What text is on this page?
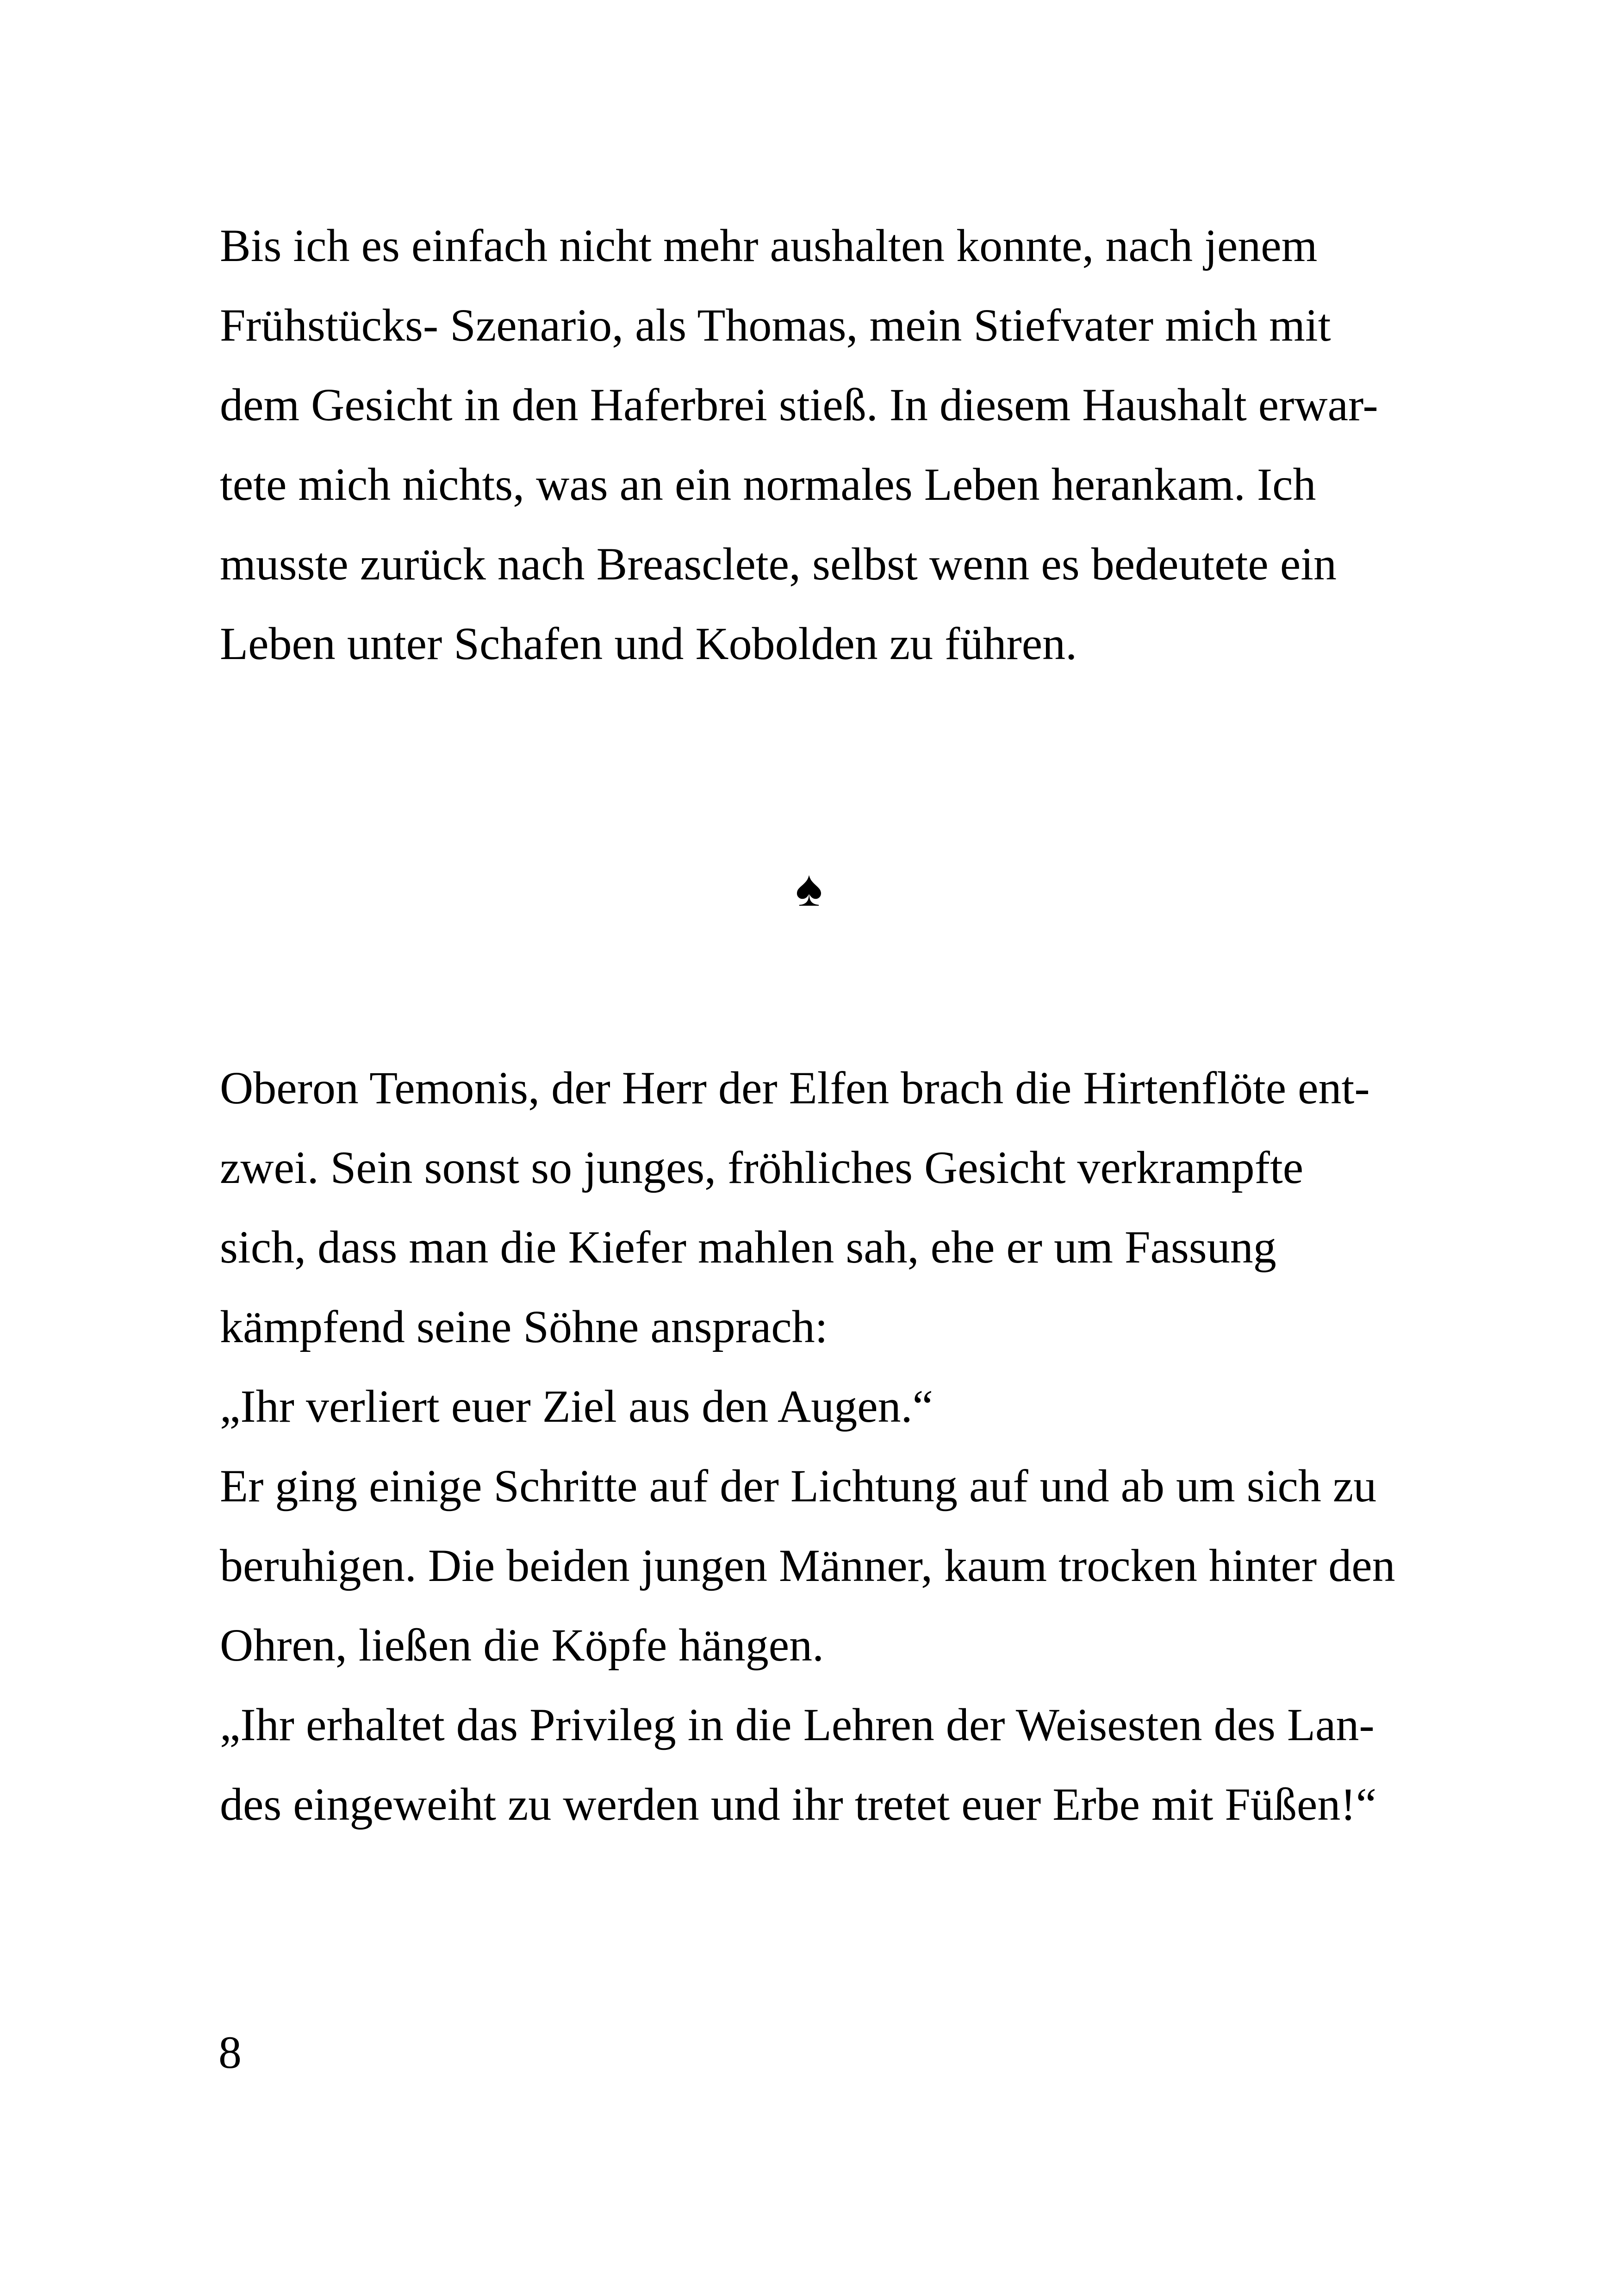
Bis ich es einfach nicht mehr aushalten konnte, nach jenem
Frühstücks- Szenario, als Thomas, mein Stiefvater mich mit
dem Gesicht in den Haferbrei stieß. In diesem Haushalt erwar-
tete mich nichts, was an ein normales Leben herankam. Ich
musste zurück nach Breasclete, selbst wenn es bedeutete ein
Leben unter Schafen und Kobolden zu führen.
♠
Oberon Temonis, der Herr der Elfen brach die Hirtenflöte ent-
zwei. Sein sonst so junges, fröhliches Gesicht verkrampfte
sich, dass man die Kiefer mahlen sah, ehe er um Fassung
kämpfend seine Söhne ansprach:
„Ihr verliert euer Ziel aus den Augen.“
Er ging einige Schritte auf der Lichtung auf und ab um sich zu
beruhigen. Die beiden jungen Männer, kaum trocken hinter den
Ohren, ließen die Köpfe hängen.
„Ihr erhaltet das Privileg in die Lehren der Weisesten des Lan-
des eingeweiht zu werden und ihr tretet euer Erbe mit Füßen!“
8
